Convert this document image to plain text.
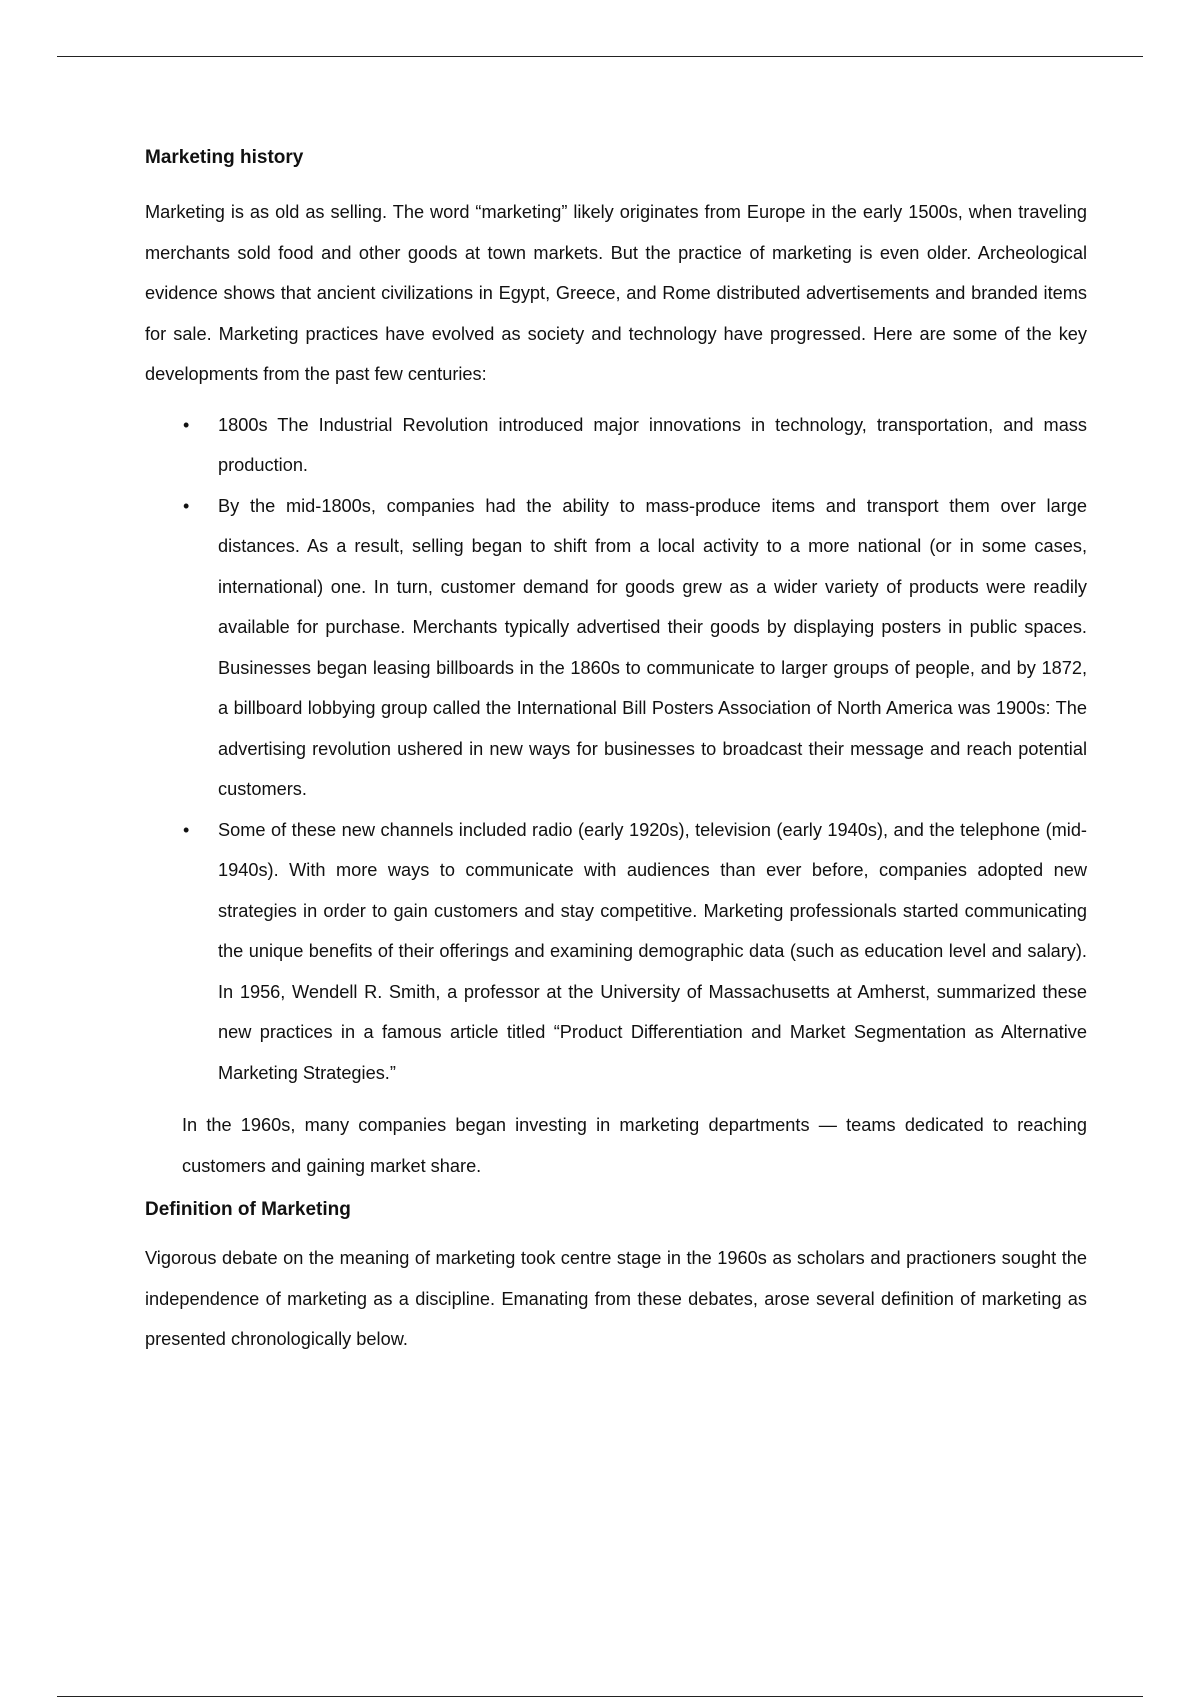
Marketing history

Marketing is as old as selling. The word “marketing” likely originates from Europe in the early 1500s, when traveling merchants sold food and other goods at town markets. But the practice of marketing is even older. Archeological evidence shows that ancient civilizations in Egypt, Greece, and Rome distributed advertisements and branded items for sale. Marketing practices have evolved as society and technology have progressed. Here are some of the key developments from the past few centuries:

•	1800s The Industrial Revolution introduced major innovations in technology, transportation, and mass production.
•	By the mid-1800s, companies had the ability to mass-produce items and transport them over large distances. As a result, selling began to shift from a local activity to a more national (or in some cases, international) one. In turn, customer demand for goods grew as a wider variety of products were readily available for purchase. Merchants typically advertised their goods by displaying posters in public spaces. Businesses began leasing billboards in the 1860s to communicate to larger groups of people, and by 1872, a billboard lobbying group called the International Bill Posters Association of North America was 1900s: The advertising revolution ushered in new ways for businesses to broadcast their message and reach potential customers.
•	Some of these new channels included radio (early 1920s), television (early 1940s), and the telephone (mid-1940s). With more ways to communicate with audiences than ever before, companies adopted new strategies in order to gain customers and stay competitive. Marketing professionals started communicating the unique benefits of their offerings and examining demographic data (such as education level and salary). In 1956, Wendell R. Smith, a professor at the University of Massachusetts at Amherst, summarized these new practices in a famous article titled “Product Differentiation and Market Segmentation as Alternative Marketing Strategies.”

In the 1960s, many companies began investing in marketing departments — teams dedicated to reaching customers and gaining market share.

Definition of Marketing

Vigorous debate on the meaning of marketing took centre stage in the 1960s as scholars and practioners sought the independence of marketing as a discipline. Emanating from these debates, arose several definition of marketing as presented chronologically below.
